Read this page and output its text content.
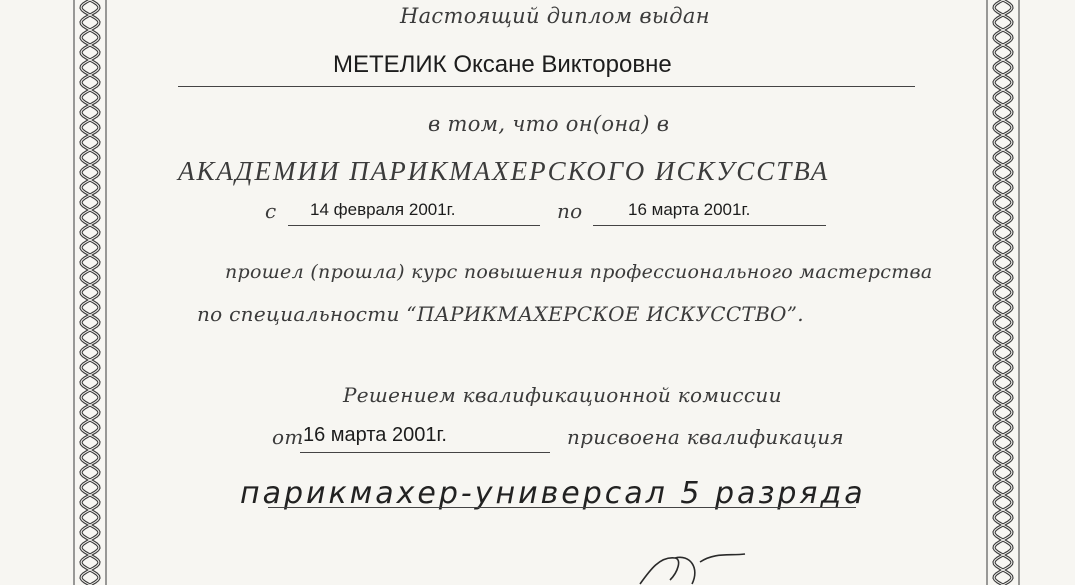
Настоящий диплом выдан
МЕТЕЛИК Оксане Викторовне
в том, что он(она) в
АКАДЕМИИ ПАРИКМАХЕРСКОГО ИСКУССТВА
с 14 февраля 2001г.	по	16 марта 2001г.
прошел (прошла) курс повышения профессионального мастерства
по специальности “ПАРИКМАХЕРСКОЕ ИСКУССТВО”.
Решением квалификационной комиссии
от 16 марта 2001г.	присвоена квалификация
парикмахер-универсал 5 разряда
